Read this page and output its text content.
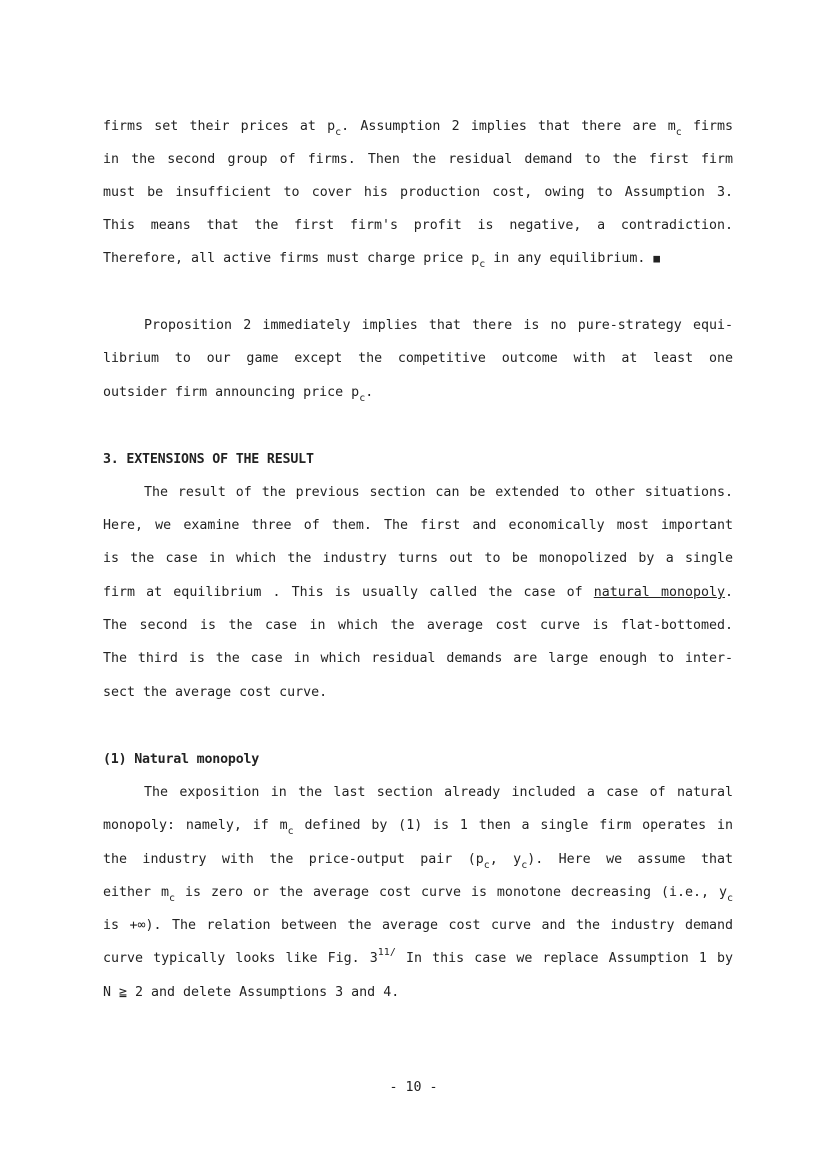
firms set their prices at $p_c$. Assumption 2 implies that there are $m_c$ firms
in the second group of firms. Then the residual demand to the first firm
must be insufficient to cover his production cost, owing to Assumption 3.
This means that the first firm's profit is negative, a contradiction.
Therefore, all active firms must charge price $p_c$ in any equilibrium. ■
Proposition 2 immediately implies that there is no pure-strategy equi-
librium to our game except the competitive outcome with at least one
outsider firm announcing price $p_c$.
3. EXTENSIONS OF THE RESULT
The result of the previous section can be extended to other situations.
Here, we examine three of them. The first and economically most important
is the case in which the industry turns out to be monopolized by a single
firm at equilibrium . This is usually called the case of natural monopoly.
The second is the case in which the average cost curve is flat-bottomed.
The third is the case in which residual demands are large enough to inter-
sect the average cost curve.
(1) Natural monopoly
The exposition in the last section already included a case of natural
monopoly: namely, if $m_c$ defined by (1) is 1 then a single firm operates in
the industry with the price-output pair ($p_c$, $y_c$). Here we assume that
either $m_c$ is zero or the average cost curve is monotone decreasing (i.e., $y_c$
is +∞). The relation between the average cost curve and the industry demand
curve typically looks like Fig. $3^{11/}$ In this case we replace Assumption 1 by
N ≧ 2 and delete Assumptions 3 and 4.
- 10 -
